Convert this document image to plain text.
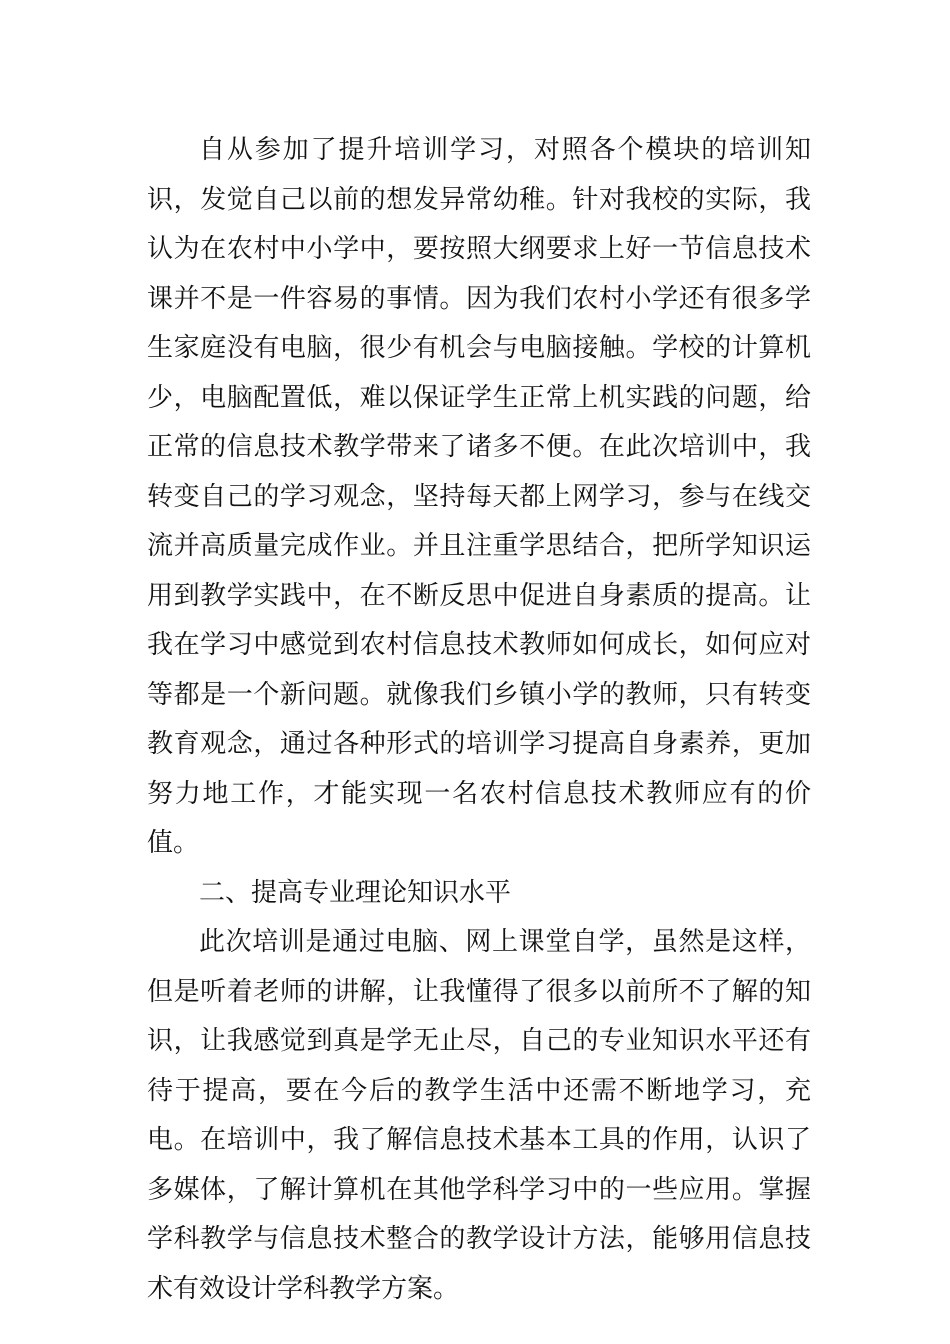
自从参加了提升培训学习，对照各个模块的培训知识，发觉自己以前的想发异常幼稚。针对我校的实际，我认为在农村中小学中，要按照大纲要求上好一节信息技术课并不是一件容易的事情。因为我们农村小学还有很多学生家庭没有电脑，很少有机会与电脑接触。学校的计算机少，电脑配置低，难以保证学生正常上机实践的问题，给正常的信息技术教学带来了诸多不便。在此次培训中，我转变自己的学习观念，坚持每天都上网学习，参与在线交流并高质量完成作业。并且注重学思结合，把所学知识运用到教学实践中，在不断反思中促进自身素质的提高。让我在学习中感觉到农村信息技术教师如何成长，如何应对等都是一个新问题。就像我们乡镇小学的教师，只有转变教育观念，通过各种形式的培训学习提高自身素养，更加努力地工作，才能实现一名农村信息技术教师应有的价值。

二、提高专业理论知识水平

此次培训是通过电脑、网上课堂自学，虽然是这样，但是听着老师的讲解，让我懂得了很多以前所不了解的知识，让我感觉到真是学无止尽，自己的专业知识水平还有待于提高，要在今后的教学生活中还需不断地学习，充电。在培训中，我了解信息技术基本工具的作用，认识了多媒体，了解计算机在其他学科学习中的一些应用。掌握学科教学与信息技术整合的教学设计方法，能够用信息技术有效设计学科教学方案。
